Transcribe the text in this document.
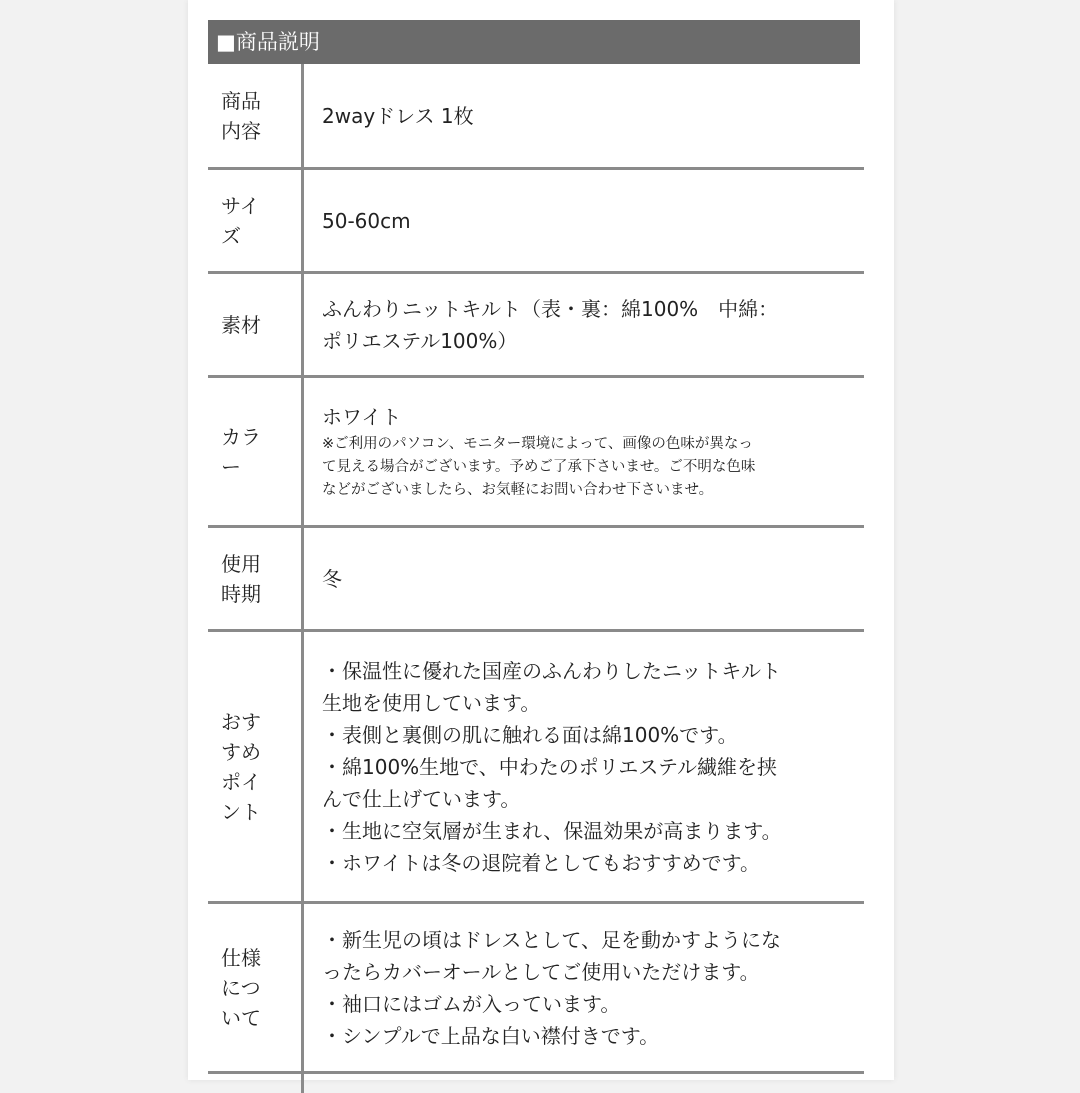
■商品説明
商品内容
2wayドレス 1枚
サイズ
50-60cm
素材
ふんわりニットキルト（表・裏：綿100%　中綿：
ポリエステル100%）
カラー
ホワイト
※ご利用のパソコン、モニター環境によって、画像の色味が異なっ
て見える場合がございます。予めご了承下さいませ。ご不明な色味
などがございましたら、お気軽にお問い合わせ下さいませ。
使用時期
冬
おすすめポイント
・保温性に優れた国産のふんわりしたニットキルト
生地を使用しています。
・表側と裏側の肌に触れる面は綿100%です。
・綿100%生地で、中わたのポリエステル繊維を挟
んで仕上げています。
・生地に空気層が生まれ、保温効果が高まります。
・ホワイトは冬の退院着としてもおすすめです。
仕様について
・新生児の頃はドレスとして、足を動かすようにな
ったらカバーオールとしてご使用いただけます。
・袖口にはゴムが入っています。
・シンプルで上品な白い襟付きです。
